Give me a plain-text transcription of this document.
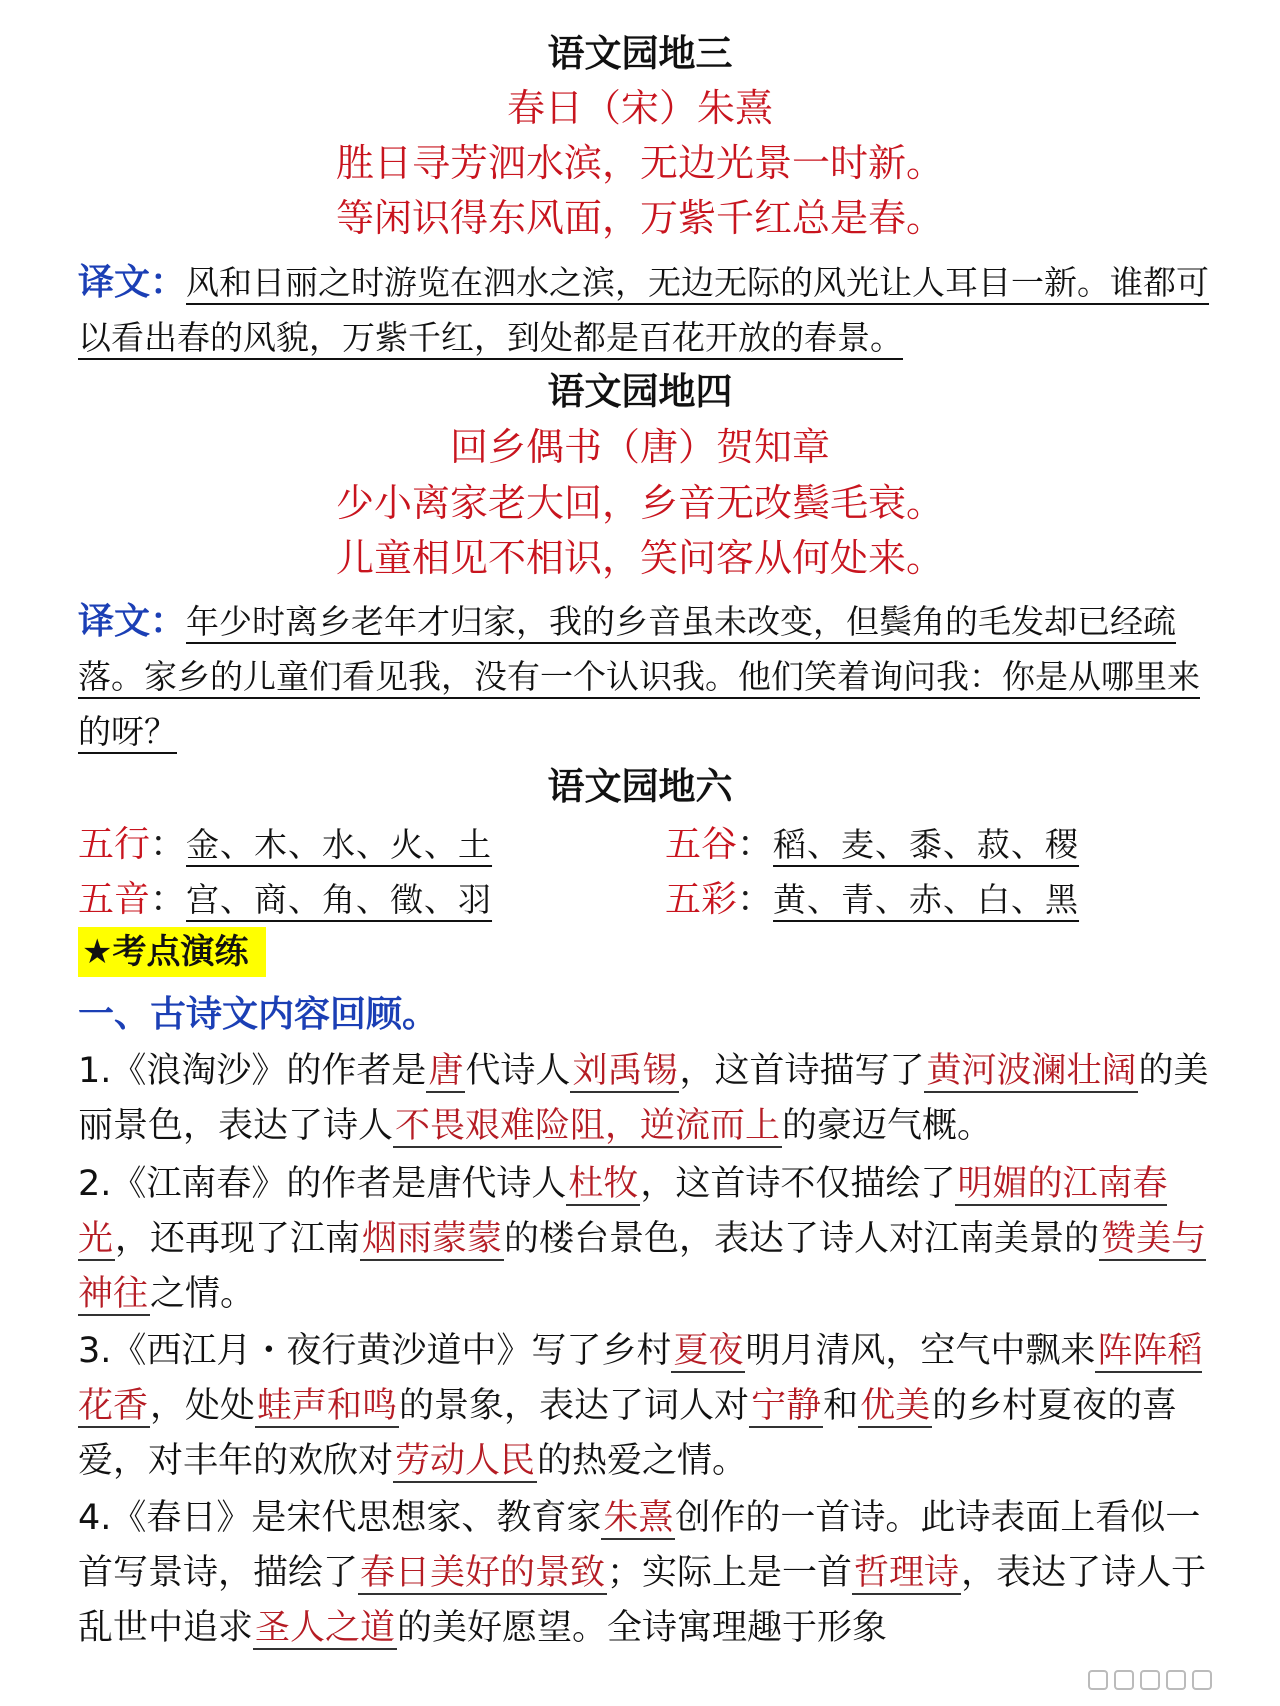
语文园地三
春日（宋）朱熹
胜日寻芳泗水滨，无边光景一时新。
等闲识得东风面，万紫千红总是春。
译文：风和日丽之时游览在泗水之滨，无边无际的风光让人耳目一新。谁都可以看出春的风貌，万紫千红，到处都是百花开放的春景。
语文园地四
回乡偶书（唐）贺知章
少小离家老大回，乡音无改鬓毛衰。
儿童相见不相识，笑问客从何处来。
译文：年少时离乡老年才归家，我的乡音虽未改变，但鬓角的毛发却已经疏落。家乡的儿童们看见我，没有一个认识我。他们笑着询问我：你是从哪里来的呀？
语文园地六
五行：金、木、水、火、土	五谷：稻、麦、黍、菽、稷
五音：宫、商、角、徵、羽	五彩：黄、青、赤、白、黑
★考点演练
一、古诗文内容回顾。
1.《浪淘沙》的作者是唐代诗人刘禹锡，这首诗描写了黄河波澜壮阔的美丽景色，表达了诗人不畏艰难险阻，逆流而上的豪迈气概。
2.《江南春》的作者是唐代诗人杜牧，这首诗不仅描绘了明媚的江南春光，还再现了江南烟雨蒙蒙的楼台景色，表达了诗人对江南美景的赞美与神往之情。
3.《西江月・夜行黄沙道中》写了乡村夏夜明月清风，空气中飘来阵阵稻花香，处处蛙声和鸣的景象，表达了词人对宁静和优美的乡村夏夜的喜爱，对丰年的欢欣对劳动人民的热爱之情。
4.《春日》是宋代思想家、教育家朱熹创作的一首诗。此诗表面上看似一首写景诗，描绘了春日美好的景致；实际上是一首哲理诗，表达了诗人于乱世中追求圣人之道的美好愿望。全诗寓理趣于形象
